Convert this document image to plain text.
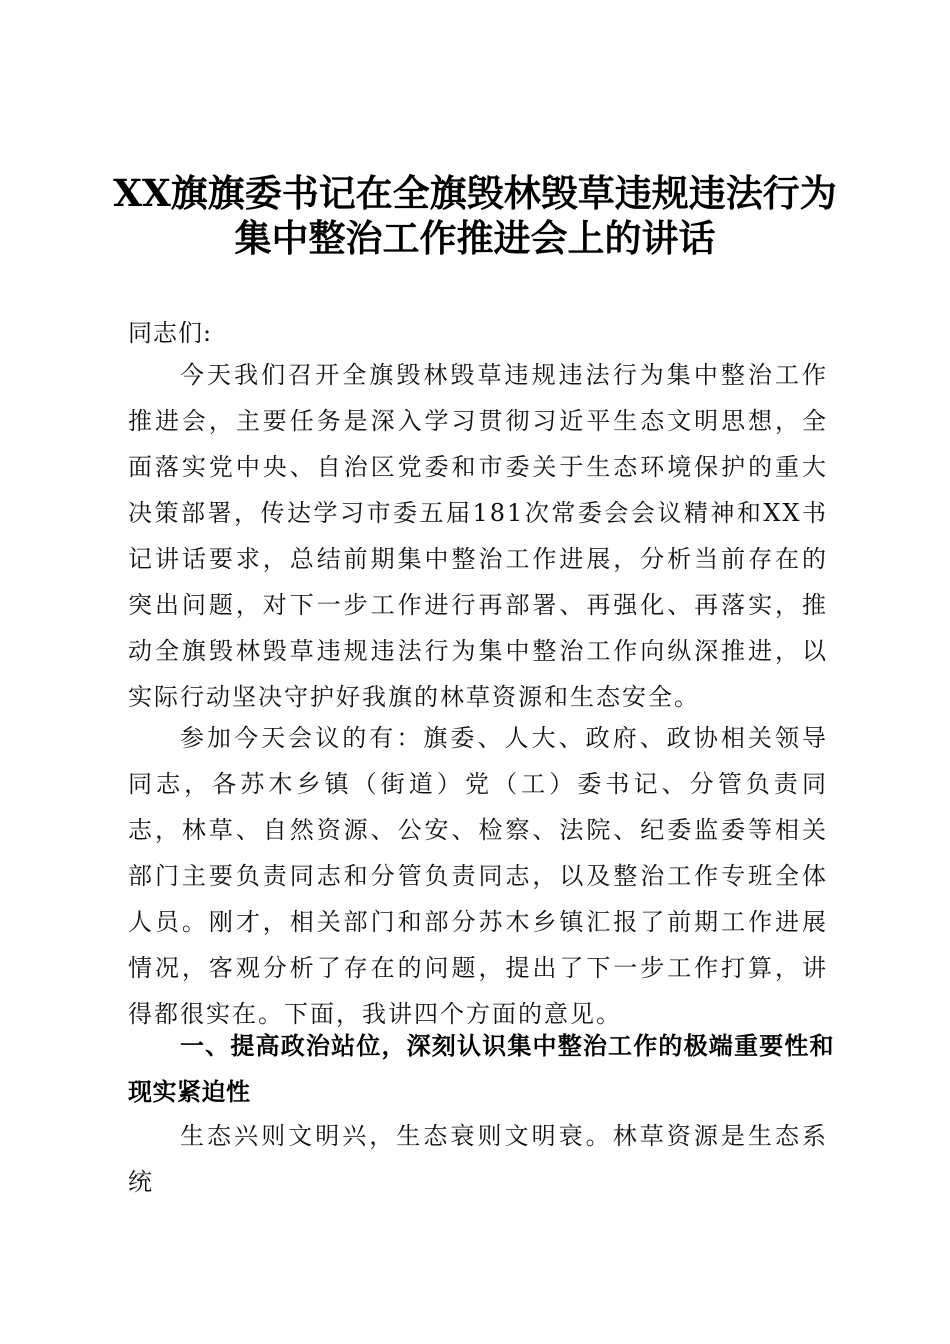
XX旗旗委书记在全旗毁林毁草违规违法行为
集中整治工作推进会上的讲话
同志们:

今天我们召开全旗毁林毁草违规违法行为集中整治工作推进会，主要任务是深入学习贯彻习近平生态文明思想，全面落实党中央、自治区党委和市委关于生态环境保护的重大决策部署，传达学习市委五届181次常委会会议精神和XX书记讲话要求，总结前期集中整治工作进展，分析当前存在的突出问题，对下一步工作进行再部署、再强化、再落实，推动全旗毁林毁草违规违法行为集中整治工作向纵深推进，以实际行动坚决守护好我旗的林草资源和生态安全。

参加今天会议的有：旗委、人大、政府、政协相关领导同志，各苏木乡镇（街道）党（工）委书记、分管负责同志，林草、自然资源、公安、检察、法院、纪委监委等相关部门主要负责同志和分管负责同志，以及整治工作专班全体人员。刚才，相关部门和部分苏木乡镇汇报了前期工作进展情况，客观分析了存在的问题，提出了下一步工作打算，讲得都很实在。下面，我讲四个方面的意见。

一、提高政治站位，深刻认识集中整治工作的极端重要性和现实紧迫性

生态兴则文明兴，生态衰则文明衰。林草资源是生态系统
